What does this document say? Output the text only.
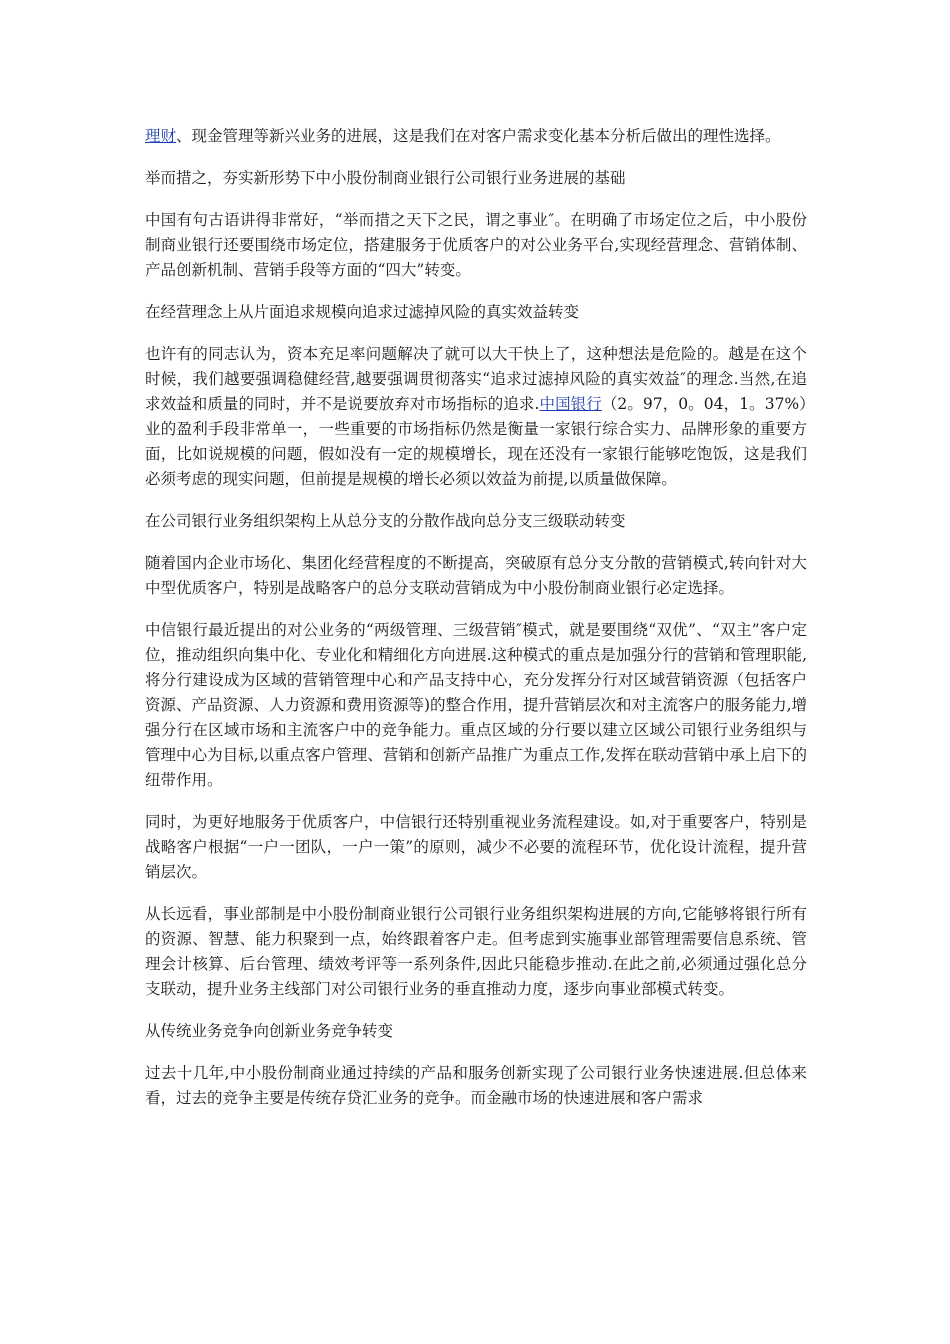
理财、现金管理等新兴业务的进展，这是我们在对客户需求变化基本分析后做出的理性选择。

举而措之，夯实新形势下中小股份制商业银行公司银行业务进展的基础

中国有句古语讲得非常好，“举而措之天下之民，谓之事业″。在明确了市场定位之后，中小股份制商业银行还要围绕市场定位，搭建服务于优质客户的对公业务平台,实现经营理念、营销体制、产品创新机制、营销手段等方面的“四大”转变。

在经营理念上从片面追求规模向追求过滤掉风险的真实效益转变

也许有的同志认为，资本充足率问题解决了就可以大干快上了，这种想法是危险的。越是在这个时候，我们越要强调稳健经营,越要强调贯彻落实“追求过滤掉风险的真实效益″的理念.当然,在追求效益和质量的同时，并不是说要放弃对市场指标的追求.中国银行（2。97，0。04，1。37%）业的盈利手段非常单一，一些重要的市场指标仍然是衡量一家银行综合实力、品牌形象的重要方面，比如说规模的问题，假如没有一定的规模增长，现在还没有一家银行能够吃饱饭，这是我们必须考虑的现实问题，但前提是规模的增长必须以效益为前提,以质量做保障。

在公司银行业务组织架构上从总分支的分散作战向总分支三级联动转变

随着国内企业市场化、集团化经营程度的不断提高，突破原有总分支分散的营销模式,转向针对大中型优质客户，特别是战略客户的总分支联动营销成为中小股份制商业银行必定选择。

中信银行最近提出的对公业务的“两级管理、三级营销″模式，就是要围绕“双优”、“双主”客户定位，推动组织向集中化、专业化和精细化方向进展.这种模式的重点是加强分行的营销和管理职能,将分行建设成为区域的营销管理中心和产品支持中心，充分发挥分行对区域营销资源（包括客户资源、产品资源、人力资源和费用资源等)的整合作用，提升营销层次和对主流客户的服务能力,增强分行在区域市场和主流客户中的竞争能力。重点区域的分行要以建立区域公司银行业务组织与管理中心为目标,以重点客户管理、营销和创新产品推广为重点工作,发挥在联动营销中承上启下的纽带作用。

同时，为更好地服务于优质客户，中信银行还特别重视业务流程建设。如,对于重要客户，特别是战略客户根据“一户一团队，一户一策”的原则，减少不必要的流程环节，优化设计流程，提升营销层次。

从长远看，事业部制是中小股份制商业银行公司银行业务组织架构进展的方向,它能够将银行所有的资源、智慧、能力积聚到一点，始终跟着客户走。但考虑到实施事业部管理需要信息系统、管理会计核算、后台管理、绩效考评等一系列条件,因此只能稳步推动.在此之前,必须通过强化总分支联动，提升业务主线部门对公司银行业务的垂直推动力度，逐步向事业部模式转变。

从传统业务竞争向创新业务竞争转变

过去十几年,中小股份制商业通过持续的产品和服务创新实现了公司银行业务快速进展.但总体来看，过去的竞争主要是传统存贷汇业务的竞争。而金融市场的快速进展和客户需求
